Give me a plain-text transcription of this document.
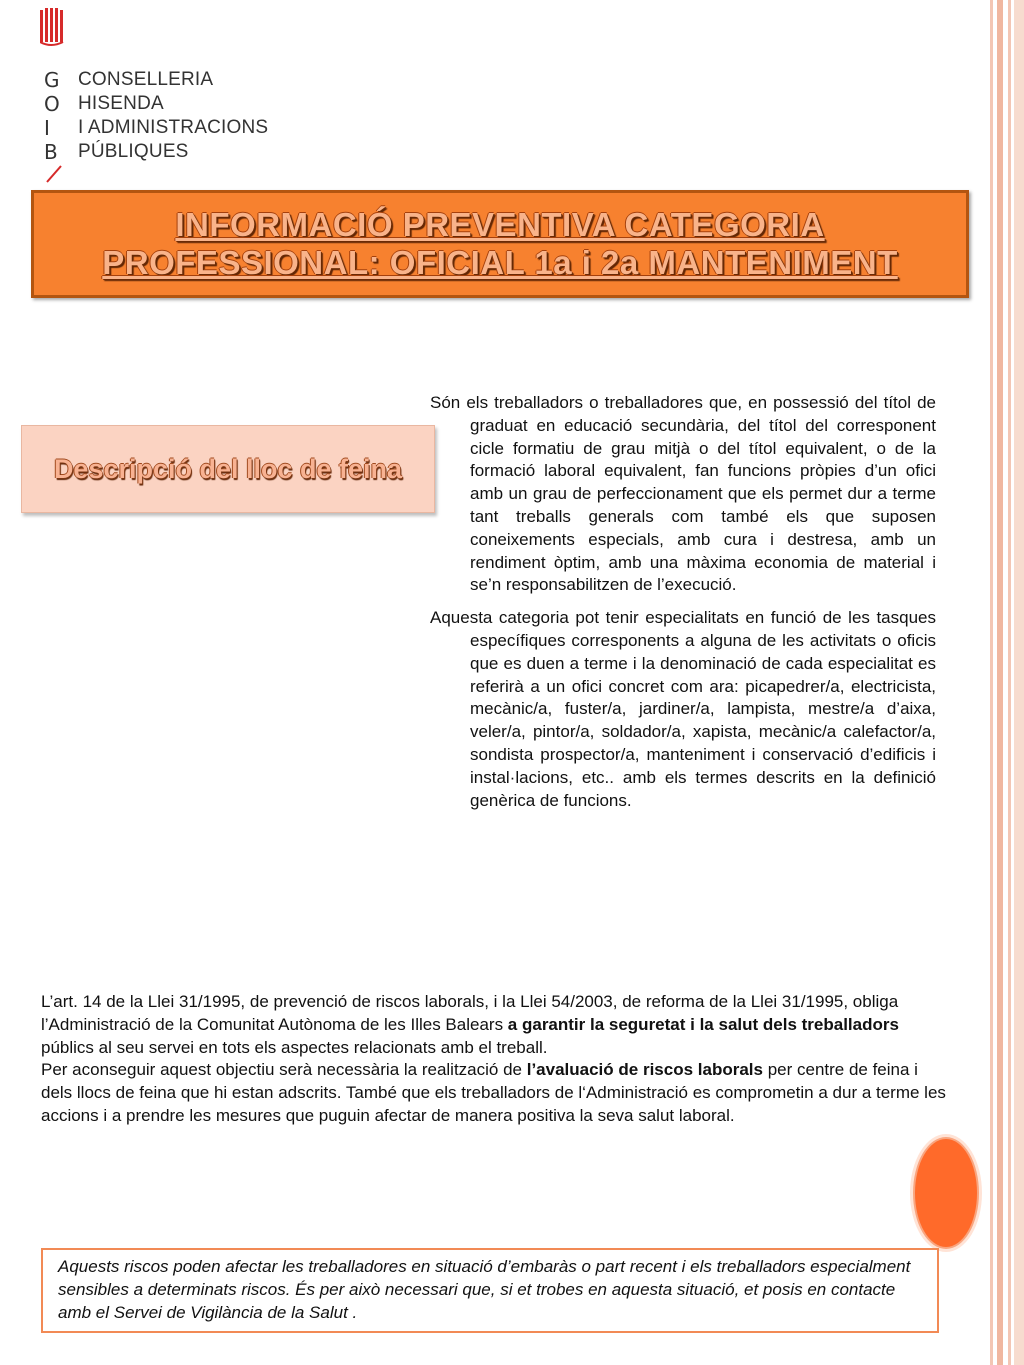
G
O
I
B
CONSELLERIA
HISENDA
I ADMINISTRACIONS
PÚBLIQUES
INFORMACIÓ PREVENTIVA CATEGORIA
PROFESSIONAL: OFICIAL 1a i 2a MANTENIMENT
Descripció del lloc de feina

Són els treballadors o treballadores que, en possessió del títol de graduat en educació secundària, del títol del corresponent cicle formatiu de grau mitjà o del títol equivalent, o de la formació laboral equivalent, fan funcions pròpies d’un ofici amb un grau de perfeccionament que els permet dur a terme tant treballs generals com també els que suposen coneixements especials, amb cura i destresa, amb un rendiment òptim, amb una màxima economia de material i se’n responsabilitzen de l’execució.

Aquesta categoria pot tenir especialitats en funció de les tasques específiques corresponents a alguna de les activitats o oficis que es duen a terme i la denominació de cada especialitat es referirà a un ofici concret com ara: picapedrer/a, electricista, mecànic/a, fuster/a, jardiner/a, lampista, mestre/a d’aixa, veler/a, pintor/a, soldador/a, xapista, mecànic/a calefactor/a, sondista prospector/a, manteniment i conservació d’edificis i instal·lacions, etc.. amb els termes descrits en la definició genèrica de funcions.

L’art. 14 de la Llei 31/1995, de prevenció de riscos laborals, i la Llei 54/2003, de reforma de la Llei 31/1995, obliga l’Administració de la Comunitat Autònoma de les Illes Balears a garantir la seguretat i la salut dels treballadors públics al seu servei en tots els aspectes relacionats amb el treball.

Per aconseguir aquest objectiu serà necessària la realització de l’avaluació de riscos laborals per centre de feina i dels llocs de feina que hi estan adscrits. També que els treballadors de l‘Administració es comprometin a dur a terme les accions i a prendre les mesures que puguin afectar de manera positiva la seva salut laboral.

Aquests riscos poden afectar les treballadores en situació d’embaràs o part recent i els treballadors especialment sensibles a determinats riscos. És per això necessari que, si et trobes en aquesta situació, et posis en contacte amb el Servei de Vigilància de la Salut .
